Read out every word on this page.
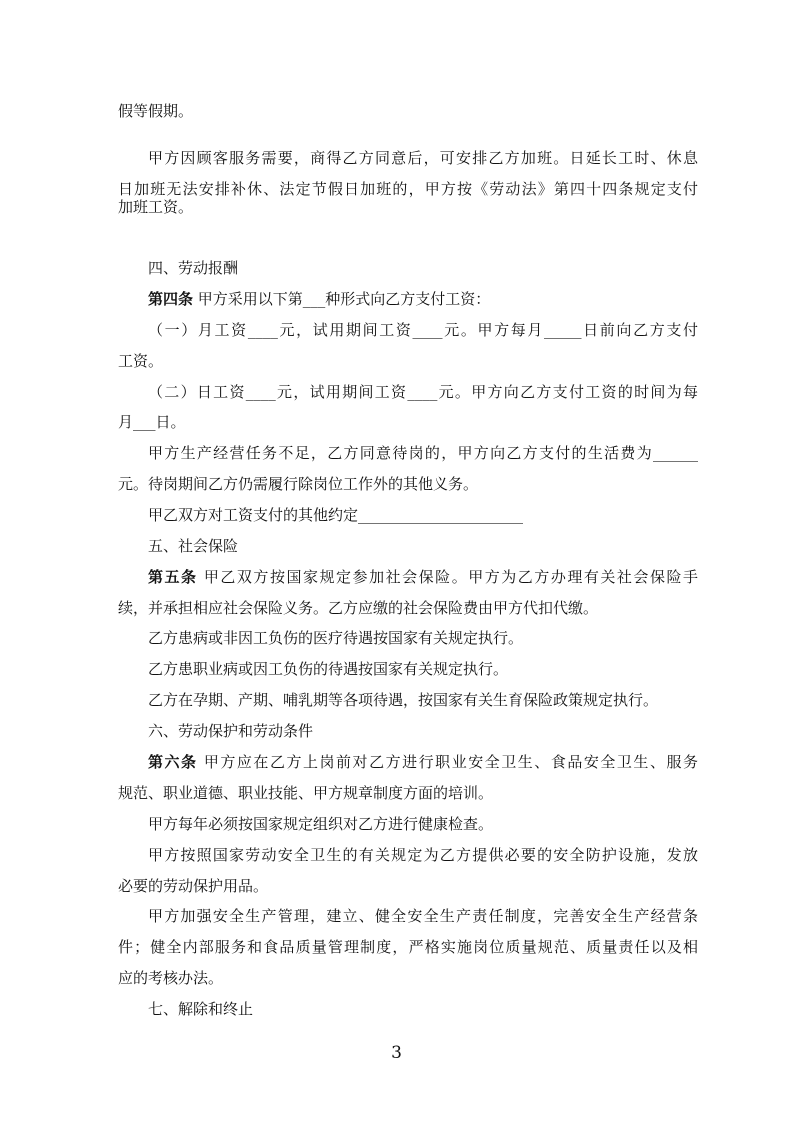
假等假期。
甲方因顾客服务需要，商得乙方同意后，可安排乙方加班。日延长工时、休息
日加班无法安排补休、法定节假日加班的，甲方按《劳动法》第四十四条规定支付
加班工资。
四、劳动报酬
第四条 甲方采用以下第___种形式向乙方支付工资：
（一）月工资____元，试用期间工资____元。甲方每月_____日前向乙方支付
工资。
（二）日工资____元，试用期间工资____元。甲方向乙方支付工资的时间为每
月___日。
甲方生产经营任务不足，乙方同意待岗的，甲方向乙方支付的生活费为______
元。待岗期间乙方仍需履行除岗位工作外的其他义务。
甲乙双方对工资支付的其他约定______________________
五、社会保险
第五条 甲乙双方按国家规定参加社会保险。甲方为乙方办理有关社会保险手
续，并承担相应社会保险义务。乙方应缴的社会保险费由甲方代扣代缴。
乙方患病或非因工负伤的医疗待遇按国家有关规定执行。
乙方患职业病或因工负伤的待遇按国家有关规定执行。
乙方在孕期、产期、哺乳期等各项待遇，按国家有关生育保险政策规定执行。
六、劳动保护和劳动条件
第六条 甲方应在乙方上岗前对乙方进行职业安全卫生、食品安全卫生、服务
规范、职业道德、职业技能、甲方规章制度方面的培训。
甲方每年必须按国家规定组织对乙方进行健康检查。
甲方按照国家劳动安全卫生的有关规定为乙方提供必要的安全防护设施，发放
必要的劳动保护用品。
甲方加强安全生产管理，建立、健全安全生产责任制度，完善安全生产经营条
件；健全内部服务和食品质量管理制度，严格实施岗位质量规范、质量责任以及相
应的考核办法。
七、解除和终止
3
